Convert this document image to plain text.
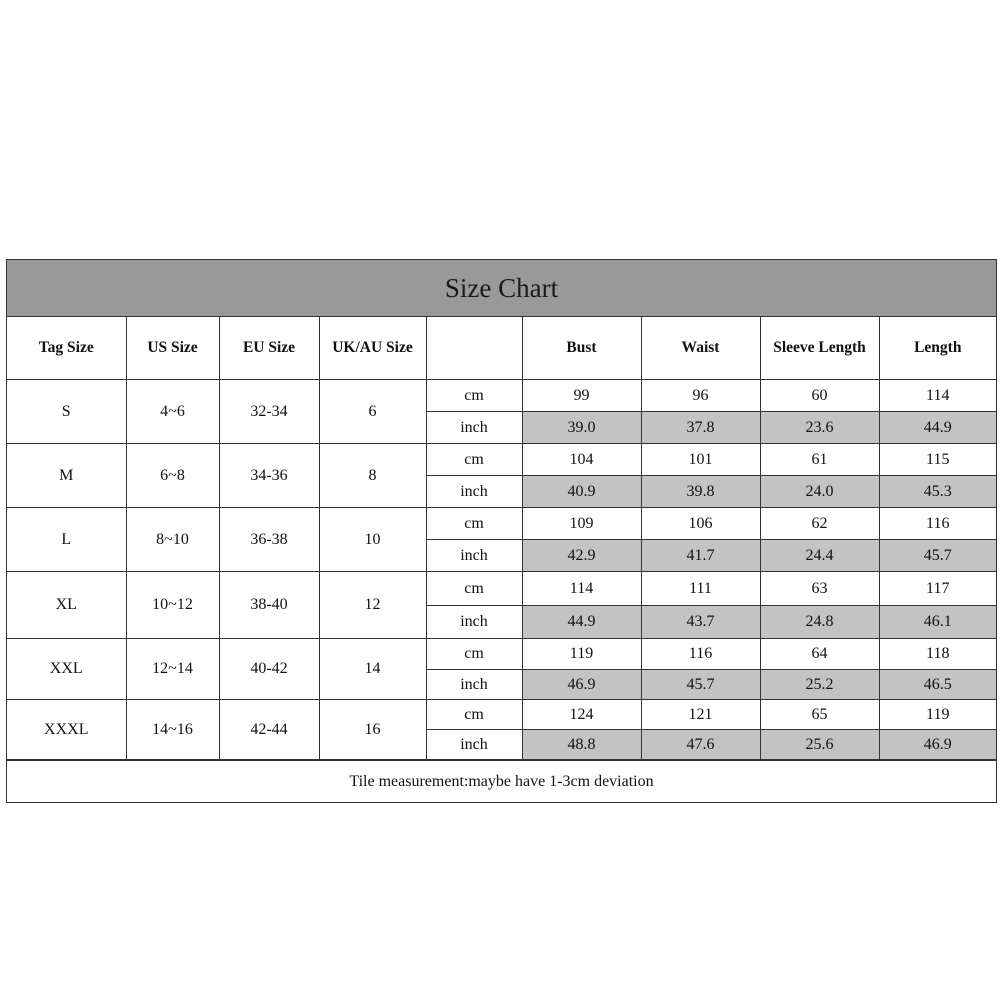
Size Chart
Tag Size	US Size	EU Size	UK/AU Size		Bust	Waist	Sleeve Length	Length
S	4~6	32-34	6	cm	99	96	60	114
				inch	39.0	37.8	23.6	44.9
M	6~8	34-36	8	cm	104	101	61	115
				inch	40.9	39.8	24.0	45.3
L	8~10	36-38	10	cm	109	106	62	116
				inch	42.9	41.7	24.4	45.7
XL	10~12	38-40	12	cm	114	111	63	117
				inch	44.9	43.7	24.8	46.1
XXL	12~14	40-42	14	cm	119	116	64	118
				inch	46.9	45.7	25.2	46.5
XXXL	14~16	42-44	16	cm	124	121	65	119
				inch	48.8	47.6	25.6	46.9
Tile measurement:maybe have 1-3cm deviation
